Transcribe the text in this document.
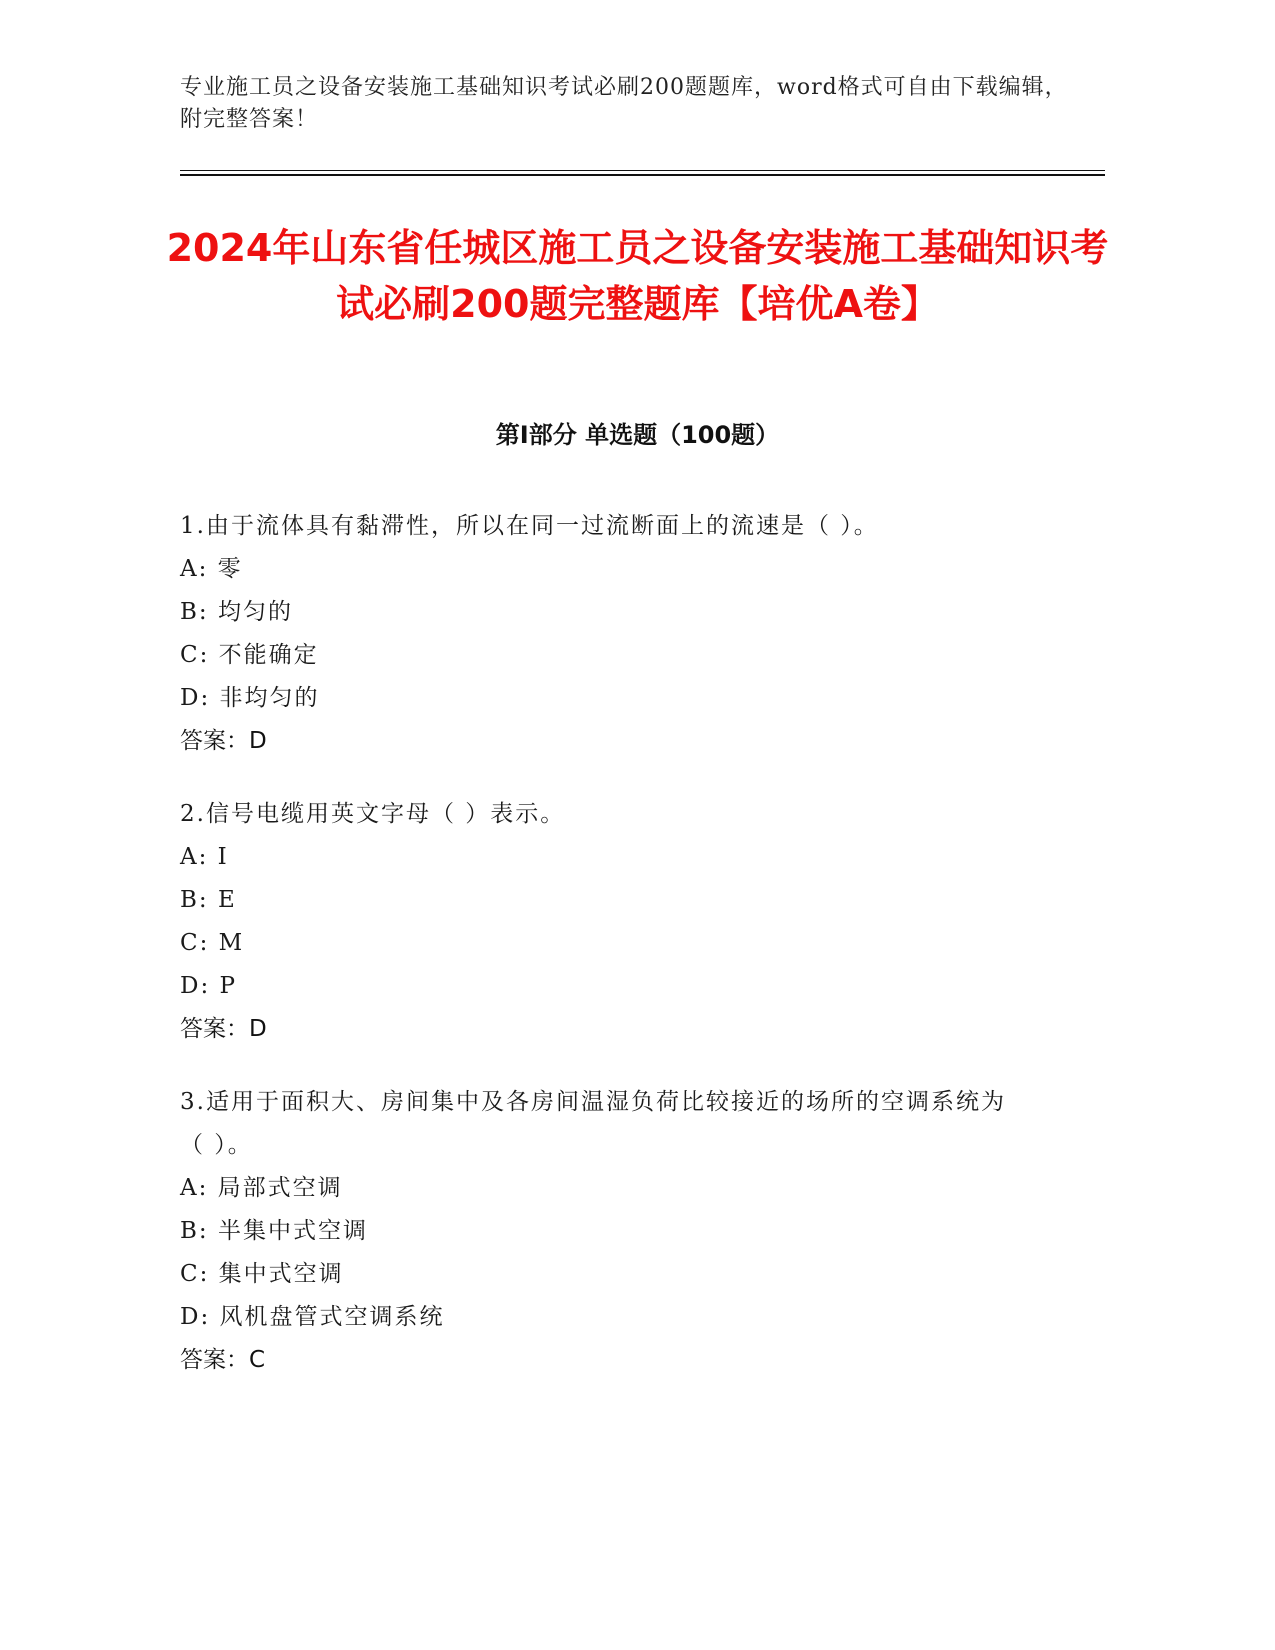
专业施工员之设备安装施工基础知识考试必刷200题题库，word格式可自由下载编辑，附完整答案！
2024年山东省任城区施工员之设备安装施工基础知识考试必刷200题完整题库【培优A卷】
第Ⅰ部分 单选题（100题）
1.由于流体具有黏滞性，所以在同一过流断面上的流速是（ ）。
A: 零
B: 均匀的
C: 不能确定
D: 非均匀的
答案：D
2.信号电缆用英文字母（ ）表示。
A: I
B: E
C: M
D: P
答案：D
3.适用于面积大、房间集中及各房间温湿负荷比较接近的场所的空调系统为（ ）。
A: 局部式空调
B: 半集中式空调
C: 集中式空调
D: 风机盘管式空调系统
答案：C
